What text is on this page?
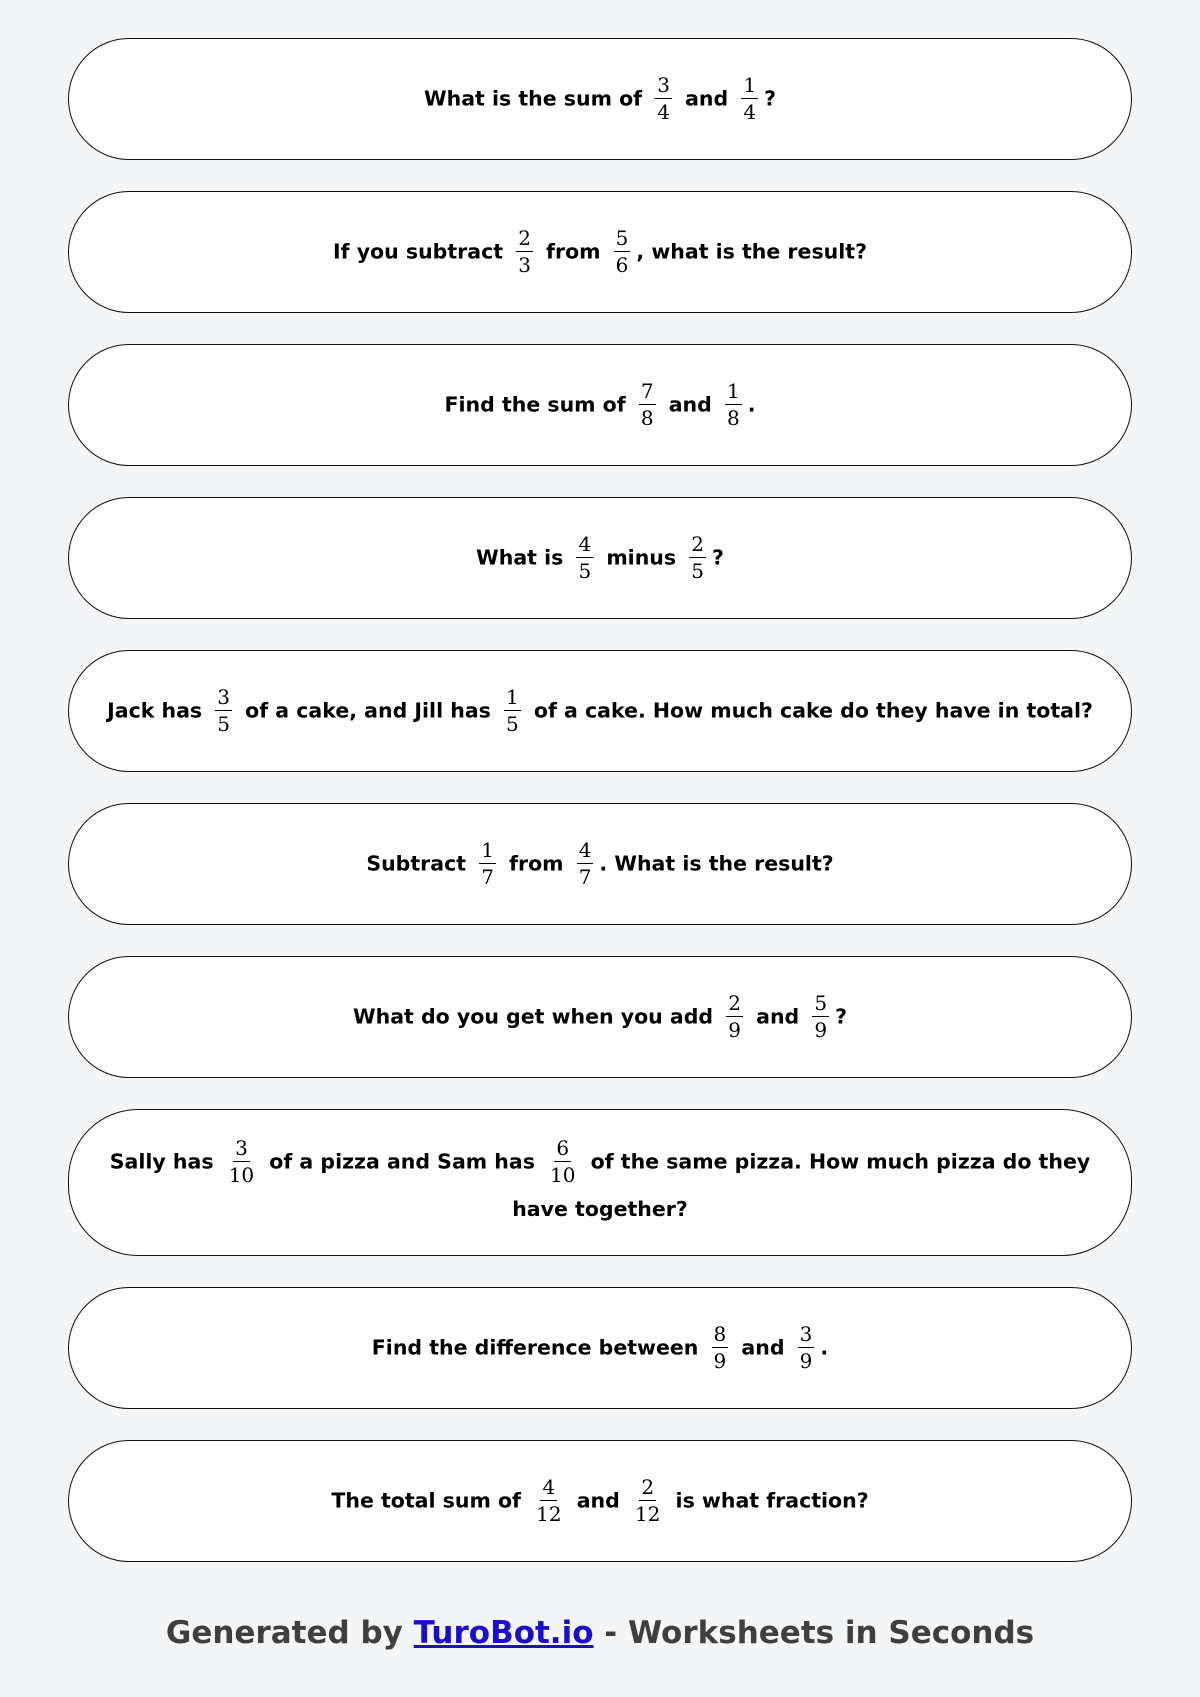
What is the sum of $\frac{3}{4}$ and $\frac{1}{4}$ ?
If you subtract $\frac{2}{3}$ from $\frac{5}{6}$ , what is the result?
Find the sum of $\frac{7}{8}$ and $\frac{1}{8}$ .
What is $\frac{4}{5}$ minus $\frac{2}{5}$ ?
Jack has $\frac{3}{5}$ of a cake, and Jill has $\frac{1}{5}$ of a cake. How much cake do they have in total?
Subtract $\frac{1}{7}$ from $\frac{4}{7}$ . What is the result?
What do you get when you add $\frac{2}{9}$ and $\frac{5}{9}$ ?
Sally has $\frac{3}{10}$ of a pizza and Sam has $\frac{6}{10}$ of the same pizza. How much pizza do they have together?
Find the difference between $\frac{8}{9}$ and $\frac{3}{9}$ .
The total sum of $\frac{4}{12}$ and $\frac{2}{12}$ is what fraction?
Generated by TuroBot.io - Worksheets in Seconds
